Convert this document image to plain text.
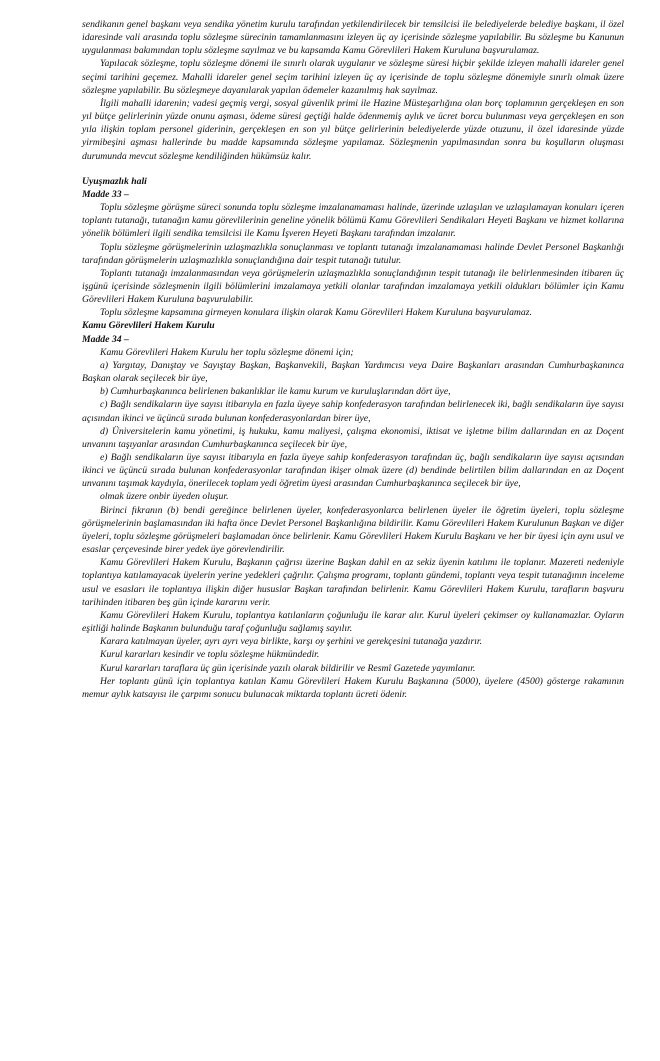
sendikanın genel başkanı veya sendika yönetim kurulu tarafından yetkilendirilecek bir temsilcisi ile belediyelerde belediye başkanı, il özel idaresinde vali arasında toplu sözleşme sürecinin tamamlanmasını izleyen üç ay içerisinde sözleşme yapılabilir. Bu sözleşme bu Kanunun uygulanması bakımından toplu sözleşme sayılmaz ve bu kapsamda Kamu Görevlileri Hakem Kuruluna başvurulamaz.

Yapılacak sözleşme, toplu sözleşme dönemi ile sınırlı olarak uygulanır ve sözleşme süresi hiçbir şekilde izleyen mahalli idareler genel seçimi tarihini geçemez. Mahalli idareler genel seçim tarihini izleyen üç ay içerisinde de toplu sözleşme dönemiyle sınırlı olmak üzere sözleşme yapılabilir. Bu sözleşmeye dayanılarak yapılan ödemeler kazanılmış hak sayılmaz.

İlgili mahalli idarenin; vadesi geçmiş vergi, sosyal güvenlik primi ile Hazine Müsteşarlığına olan borç toplamının gerçekleşen en son yıl bütçe gelirlerinin yüzde onunu aşması, ödeme süresi geçtiği halde ödenmemiş aylık ve ücret borcu bulunması veya gerçekleşen en son yıla ilişkin toplam personel giderinin, gerçekleşen en son yıl bütçe gelirlerinin belediyelerde yüzde otuzunu, il özel idaresinde yüzde yirmibeşini aşması hallerinde bu madde kapsamında sözleşme yapılamaz. Sözleşmenin yapılmasından sonra bu koşulların oluşması durumunda mevcut sözleşme kendiliğinden hükümsüz kalır.

Uyuşmazlık hali
Madde 33 –

Toplu sözleşme görüşme süreci sonunda toplu sözleşme imzalanamaması halinde, üzerinde uzlaşılan ve uzlaşılamayan konuları içeren toplantı tutanağı, tutanağın kamu görevlilerinin geneline yönelik bölümü Kamu Görevlileri Sendikaları Heyeti Başkanı ve hizmet kollarına yönelik bölümleri ilgili sendika temsilcisi ile Kamu İşveren Heyeti Başkanı tarafından imzalanır.

Toplu sözleşme görüşmelerinin uzlaşmazlıkla sonuçlanması ve toplantı tutanağı imzalanamaması halinde Devlet Personel Başkanlığı tarafından görüşmelerin uzlaşmazlıkla sonuçlandığına dair tespit tutanağı tutulur.

Toplantı tutanağı imzalanmasından veya görüşmelerin uzlaşmazlıkla sonuçlandığının tespit tutanağı ile belirlenmesinden itibaren üç işgünü içerisinde sözleşmenin ilgili bölümlerini imzalamaya yetkili olanlar tarafından imzalamaya yetkili oldukları bölümler için Kamu Görevlileri Hakem Kuruluna başvurulabilir.

Toplu sözleşme kapsamına girmeyen konulara ilişkin olarak Kamu Görevlileri Hakem Kuruluna başvurulamaz.

Kamu Görevlileri Hakem Kurulu
Madde 34 –

Kamu Görevlileri Hakem Kurulu her toplu sözleşme dönemi için;

a) Yargıtay, Danıştay ve Sayıştay Başkan, Başkanvekili, Başkan Yardımcısı veya Daire Başkanları arasından Cumhurbaşkanınca Başkan olarak seçilecek bir üye,

b) Cumhurbaşkanınca belirlenen bakanlıklar ile kamu kurum ve kuruluşlarından dört üye,

c) Bağlı sendikaların üye sayısı itibarıyla en fazla üyeye sahip konfederasyon tarafından belirlenecek iki, bağlı sendikaların üye sayısı açısından ikinci ve üçüncü sırada bulunan konfederasyonlardan birer üye,

d) Üniversitelerin kamu yönetimi, iş hukuku, kamu maliyesi, çalışma ekonomisi, iktisat ve işletme bilim dallarından en az Doçent unvanını taşıyanlar arasından Cumhurbaşkanınca seçilecek bir üye,

e) Bağlı sendikaların üye sayısı itibarıyla en fazla üyeye sahip konfederasyon tarafından üç, bağlı sendikaların üye sayısı açısından ikinci ve üçüncü sırada bulunan konfederasyonlar tarafından ikişer olmak üzere (d) bendinde belirtilen bilim dallarından en az Doçent unvanını taşımak kaydıyla, önerilecek toplam yedi öğretim üyesi arasından Cumhurbaşkanınca seçilecek bir üye,

olmak üzere onbir üyeden oluşur.

Birinci fıkranın (b) bendi gereğince belirlenen üyeler, konfederasyonlarca belirlenen üyeler ile öğretim üyeleri, toplu sözleşme görüşmelerinin başlamasından iki hafta önce Devlet Personel Başkanlığına bildirilir. Kamu Görevlileri Hakem Kurulunun Başkan ve diğer üyeleri, toplu sözleşme görüşmeleri başlamadan önce belirlenir. Kamu Görevlileri Hakem Kurulu Başkanı ve her bir üyesi için aynı usul ve esaslar çerçevesinde birer yedek üye görevlendirilir.

Kamu Görevlileri Hakem Kurulu, Başkanın çağrısı üzerine Başkan dahil en az sekiz üyenin katılımı ile toplanır. Mazereti nedeniyle toplantıya katılamayacak üyelerin yerine yedekleri çağrılır. Çalışma programı, toplantı gündemi, toplantı veya tespit tutanağının inceleme usul ve esasları ile toplantıya ilişkin diğer hususlar Başkan tarafından belirlenir. Kamu Görevlileri Hakem Kurulu, tarafların başvuru tarihinden itibaren beş gün içinde kararını verir.

Kamu Görevlileri Hakem Kurulu, toplantıya katılanların çoğunluğu ile karar alır. Kurul üyeleri çekimser oy kullanamazlar. Oyların eşitliği halinde Başkanın bulunduğu taraf çoğunluğu sağlamış sayılır.

Karara katılmayan üyeler, ayrı ayrı veya birlikte, karşı oy şerhini ve gerekçesini tutanağa yazdırır.

Kurul kararları kesindir ve toplu sözleşme hükmündedir.

Kurul kararları taraflara üç gün içerisinde yazılı olarak bildirilir ve Resmî Gazetede yayımlanır.

Her toplantı günü için toplantıya katılan Kamu Görevlileri Hakem Kurulu Başkanına (5000), üyelere (4500) gösterge rakamının memur aylık katsayısı ile çarpımı sonucu bulunacak miktarda toplantı ücreti ödenir.
